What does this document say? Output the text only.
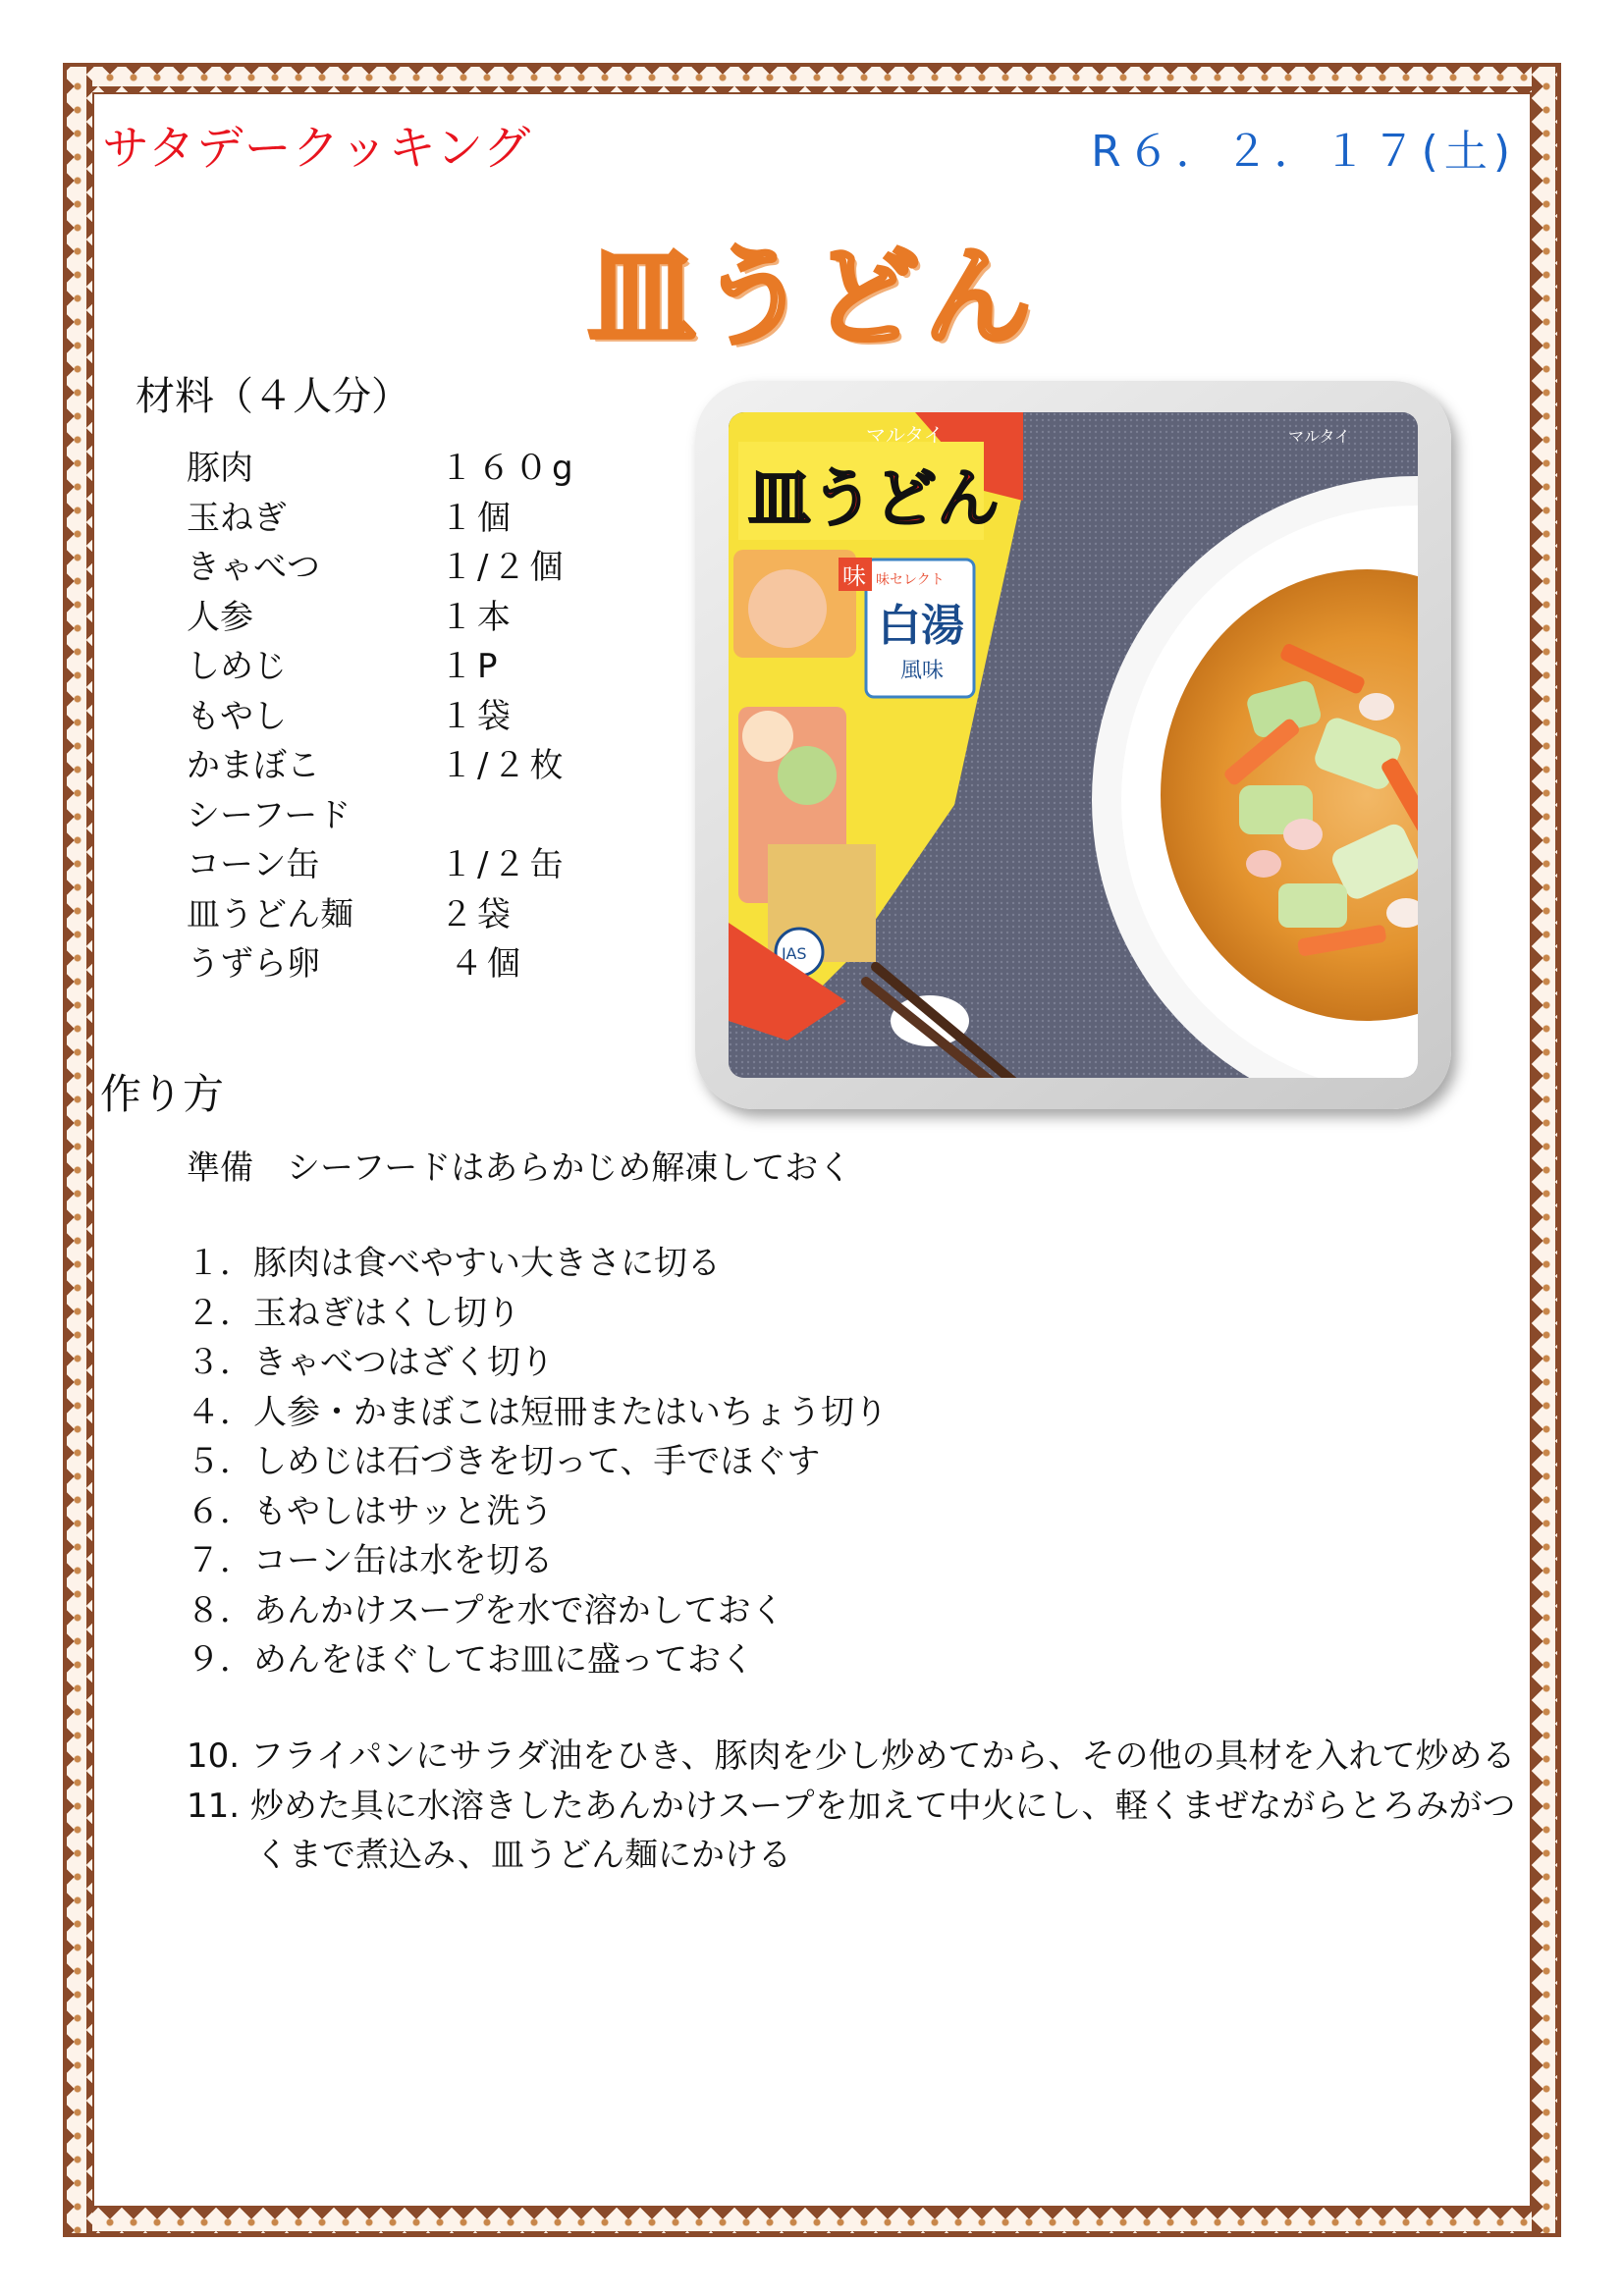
サタデークッキング	R６．２．１７(土)
皿うどん
材料（４人分）
豚肉	１６０g
玉ねぎ	１個
きゃべつ	１/２個
人参	１本
しめじ	１P
もやし	１袋
かまぼこ	１/２枚
シーフード
コーン缶	１/２缶
皿うどん麺	２袋
うずら卵	４個
皿うどん
マルタイ
味 味セレクト
白湯
風味
JAS
マルタイ
作り方
準備　シーフードはあらかじめ解凍しておく
１．豚肉は食べやすい大きさに切る
２．玉ねぎはくし切り
３．きゃべつはざく切り
４．人参・かまぼこは短冊またはいちょう切り
５．しめじは石づきを切って、手でほぐす
６．もやしはサッと洗う
７．コーン缶は水を切る
８．あんかけスープを水で溶かしておく
９．めんをほぐしてお皿に盛っておく
10. フライパンにサラダ油をひき、豚肉を少し炒めてから、その他の具材を入れて炒める
11. 炒めた具に水溶きしたあんかけスープを加えて中火にし、軽くまぜながらとろみがつくまで煮込み、皿うどん麺にかける
